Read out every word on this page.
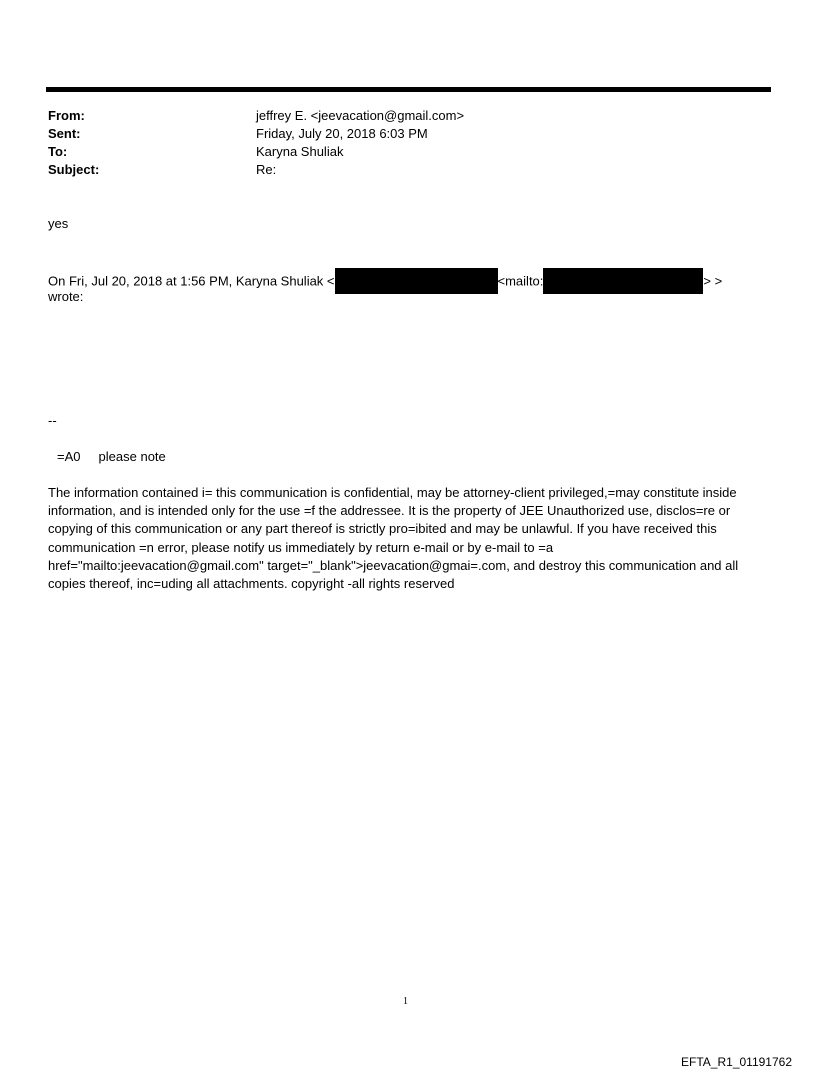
From:	jeffrey E. <jeevacation@gmail.com>
Sent:	Friday, July 20, 2018 6:03 PM
To:	Karyna Shuliak
Subject:	Re:
yes
On Fri, Jul 20, 2018 at 1:56 PM, Karyna Shuliak <	<mailto:	> >
wrote:
--
=A0     please note
The information contained i= this communication is confidential, may be attorney-client privileged,=may constitute inside information, and is intended only for the use =f the addressee. It is the property of JEE Unauthorized use, disclos=re or copying of this communication or any part thereof is strictly pro=ibited and may be unlawful. If you have received this communication =n error, please notify us immediately by return e-mail or by e-mail to =a href="mailto:jeevacation@gmail.com" target="_blank">jeevacation@gmai=.com, and destroy this communication and all copies thereof, inc=uding all attachments. copyright -all rights reserved
1
EFTA_R1_01191762
